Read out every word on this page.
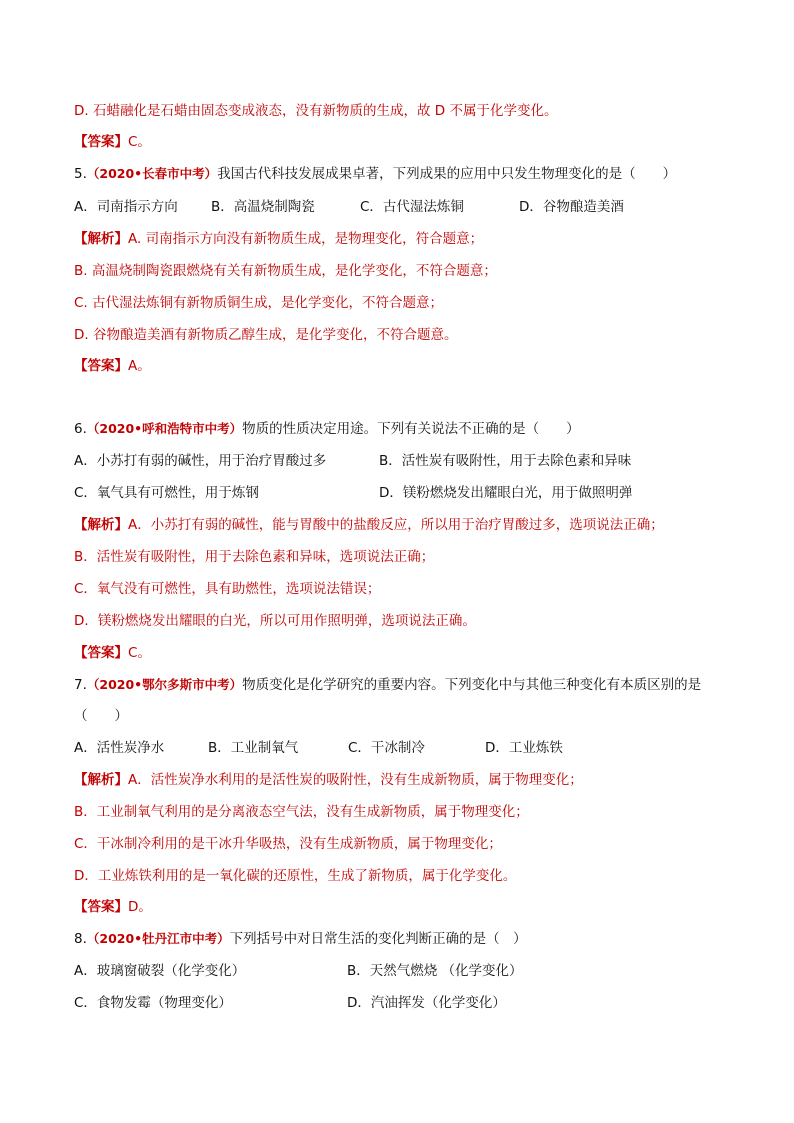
D. 石蜡融化是石蜡由固态变成液态，没有新物质的生成，故 D 不属于化学变化。
【答案】C。
5.（2020•长春市中考）我国古代科技发展成果卓著，下列成果的应用中只发生物理变化的是（　　）
A．司南指示方向 B．高温烧制陶瓷	C．古代湿法炼铜	D．谷物酿造美酒
【解析】A. 司南指示方向没有新物质生成，是物理变化，符合题意；
B. 高温烧制陶瓷跟燃烧有关有新物质生成，是化学变化，不符合题意；
C. 古代湿法炼铜有新物质铜生成，是化学变化，不符合题意；
D. 谷物酿造美酒有新物质乙醇生成，是化学变化，不符合题意。
【答案】A。
6.（2020•呼和浩特市中考）物质的性质决定用途。下列有关说法不正确的是（　　）
A．小苏打有弱的碱性，用于治疗胃酸过多	B．活性炭有吸附性，用于去除色素和异味
C．氧气具有可燃性，用于炼钢	D．镁粉燃烧发出耀眼白光，用于做照明弹
【解析】A．小苏打有弱的碱性，能与胃酸中的盐酸反应，所以用于治疗胃酸过多，选项说法正确；
B．活性炭有吸附性，用于去除色素和异味，选项说法正确；
C．氧气没有可燃性，具有助燃性，选项说法错误；
D．镁粉燃烧发出耀眼的白光，所以可用作照明弹，选项说法正确。
【答案】C。
7.（2020•鄂尔多斯市中考）物质变化是化学研究的重要内容。下列变化中与其他三种变化有本质区别的是
（　　）
A．活性炭净水	B．工业制氧气	C．干冰制冷	D．工业炼铁
【解析】A．活性炭净水利用的是活性炭的吸附性，没有生成新物质，属于物理变化；
B．工业制氧气利用的是分离液态空气法，没有生成新物质，属于物理变化；
C．干冰制冷利用的是干冰升华吸热，没有生成新物质，属于物理变化；
D．工业炼铁利用的是一氧化碳的还原性，生成了新物质，属于化学变化。
【答案】D。
8.（2020•牡丹江市中考）下列括号中对日常生活的变化判断正确的是（　）
A．玻璃窗破裂（化学变化）	B．天然气燃烧 （化学变化）
C．食物发霉（物理变化）	D．汽油挥发（化学变化）
